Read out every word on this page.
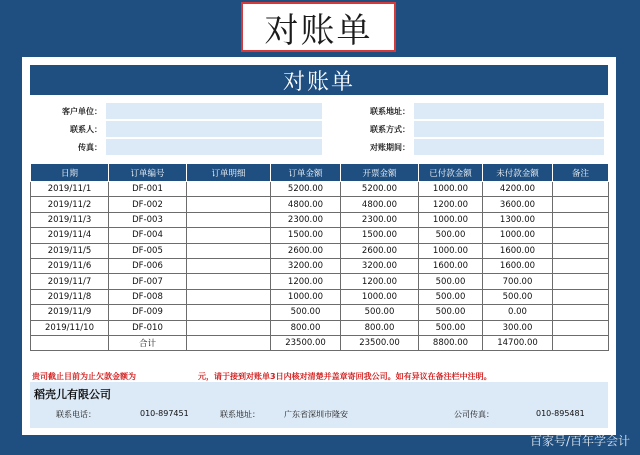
对账单
对账单
客户单位：	联系地址：
联系人：	联系方式：
传真：	对账期间：
日期	订单编号	订单明细	订单金额	开票金额	已付款金额	未付款金额	备注
2019/11/1	DF-001		5200.00	5200.00	1000.00	4200.00	
2019/11/2	DF-002		4800.00	4800.00	1200.00	3600.00	
2019/11/3	DF-003		2300.00	2300.00	1000.00	1300.00	
2019/11/4	DF-004		1500.00	1500.00	500.00	1000.00	
2019/11/5	DF-005		2600.00	2600.00	1000.00	1600.00	
2019/11/6	DF-006		3200.00	3200.00	1600.00	1600.00	
2019/11/7	DF-007		1200.00	1200.00	500.00	700.00	
2019/11/8	DF-008		1000.00	1000.00	500.00	500.00	
2019/11/9	DF-009		500.00	500.00	500.00	0.00	
2019/11/10	DF-010		800.00	800.00	500.00	300.00	
	合计		23500.00	23500.00	8800.00	14700.00	
贵司截止目前为止欠款金额为	元，请于接到对账单3日内核对清楚并盖章寄回我公司。如有异议在备注栏中注明。
稻壳儿有限公司
联系电话：	010-897451	联系地址：	广东省深圳市隆安	公司传真：	010-895481
百家号/百年学会计
